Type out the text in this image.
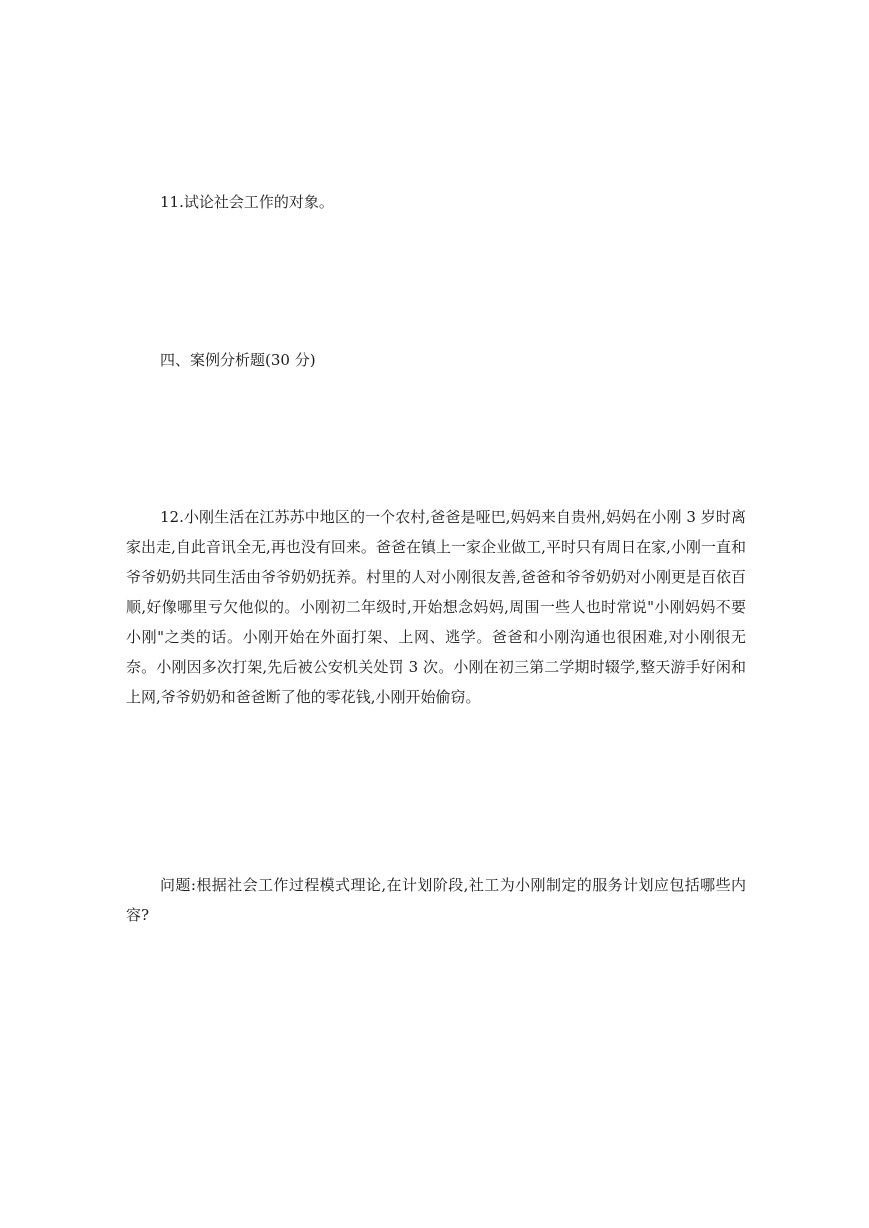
11.试论社会工作的对象。

四、案例分析题(30 分)

12.小刚生活在江苏苏中地区的一个农村,爸爸是哑巴,妈妈来自贵州,妈妈在小刚 3 岁时离家出走,自此音讯全无,再也没有回来。爸爸在镇上一家企业做工,平时只有周日在家,小刚一直和爷爷奶奶共同生活由爷爷奶奶抚养。村里的人对小刚很友善,爸爸和爷爷奶奶对小刚更是百依百顺,好像哪里亏欠他似的。小刚初二年级时,开始想念妈妈,周围一些人也时常说"小刚妈妈不要小刚"之类的话。小刚开始在外面打架、上网、逃学。爸爸和小刚沟通也很困难,对小刚很无奈。小刚因多次打架,先后被公安机关处罚 3 次。小刚在初三第二学期时辍学,整天游手好闲和上网,爷爷奶奶和爸爸断了他的零花钱,小刚开始偷窃。

问题:根据社会工作过程模式理论,在计划阶段,社工为小刚制定的服务计划应包括哪些内容?
